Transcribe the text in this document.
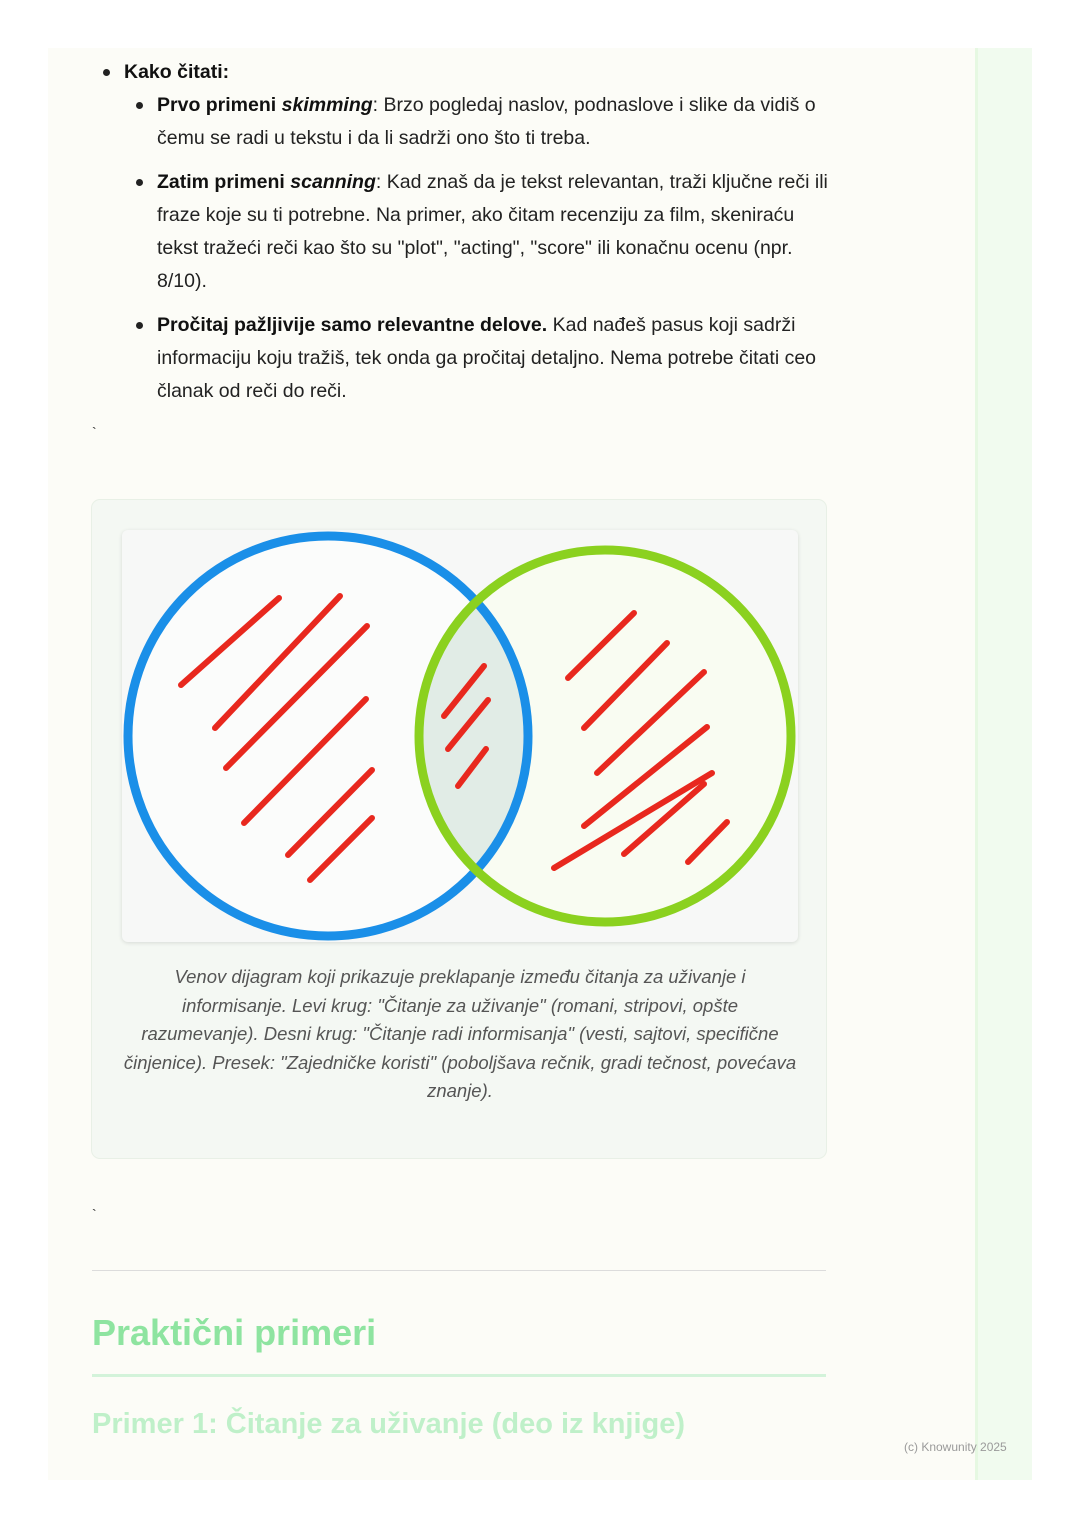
Kako čitati:
Prvo primeni skimming: Brzo pogledaj naslov, podnaslove i slike da vidiš o čemu se radi u tekstu i da li sadrži ono što ti treba.
Zatim primeni scanning: Kad znaš da je tekst relevantan, traži ključne reči ili fraze koje su ti potrebne. Na primer, ako čitam recenziju za film, skeniraću tekst tražeći reči kao što su "plot", "acting", "score" ili konačnu ocenu (npr. 8/10).
Pročitaj pažljivije samo relevantne delove. Kad nađeš pasus koji sadrži informaciju koju tražiš, tek onda ga pročitaj detaljno. Nema potrebe čitati ceo članak od reči do reči.
`
Venov dijagram koji prikazuje preklapanje između čitanja za uživanje i informisanje. Levi krug: "Čitanje za uživanje" (romani, stripovi, opšte razumevanje). Desni krug: "Čitanje radi informisanja" (vesti, sajtovi, specifične činjenice). Presek: "Zajedničke koristi" (poboljšava rečnik, gradi tečnost, povećava znanje).
`
Praktični primeri
Primer 1: Čitanje za uživanje (deo iz knjige)
(c) Knowunity 2025
